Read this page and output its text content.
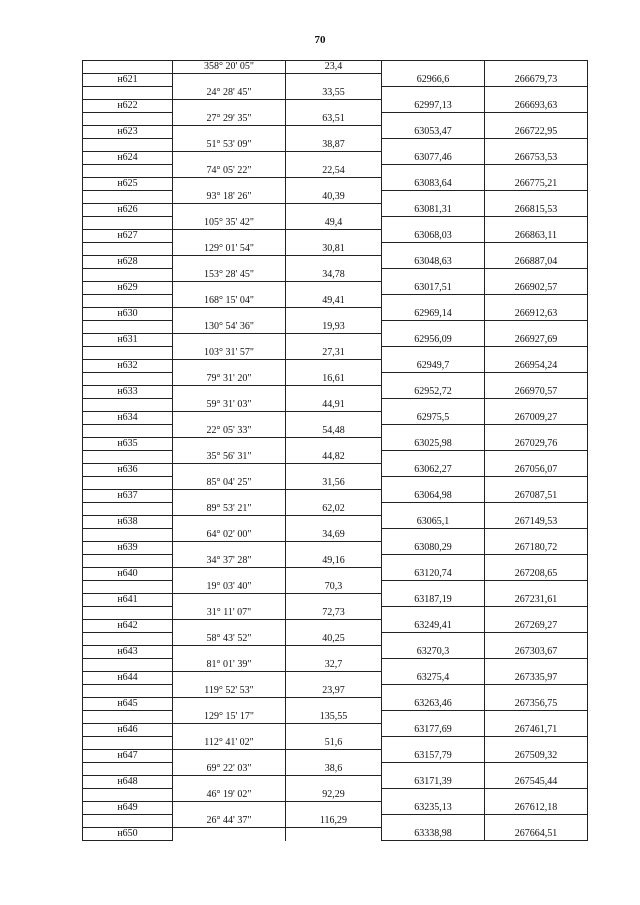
70
	358° 20' 05"	23,4		
н621			62966,6	266679,73
	24° 28' 45"	33,55		
н622			62997,13	266693,63
	27° 29' 35"	63,51		
н623			63053,47	266722,95
	51° 53' 09"	38,87		
н624			63077,46	266753,53
	74° 05' 22"	22,54		
н625			63083,64	266775,21
	93° 18' 26"	40,39		
н626			63081,31	266815,53
	105° 35' 42"	49,4		
н627			63068,03	266863,11
	129° 01' 54"	30,81		
н628			63048,63	266887,04
	153° 28' 45"	34,78		
н629			63017,51	266902,57
	168° 15' 04"	49,41		
н630			62969,14	266912,63
	130° 54' 36"	19,93		
н631			62956,09	266927,69
	103° 31' 57"	27,31		
н632			62949,7	266954,24
	79° 31' 20"	16,61		
н633			62952,72	266970,57
	59° 31' 03"	44,91		
н634			62975,5	267009,27
	22° 05' 33"	54,48		
н635			63025,98	267029,76
	35° 56' 31"	44,82		
н636			63062,27	267056,07
	85° 04' 25"	31,56		
н637			63064,98	267087,51
	89° 53' 21"	62,02		
н638			63065,1	267149,53
	64° 02' 00"	34,69		
н639			63080,29	267180,72
	34° 37' 28"	49,16		
н640			63120,74	267208,65
	19° 03' 40"	70,3		
н641			63187,19	267231,61
	31° 11' 07"	72,73		
н642			63249,41	267269,27
	58° 43' 52"	40,25		
н643			63270,3	267303,67
	81° 01' 39"	32,7		
н644			63275,4	267335,97
	119° 52' 53"	23,97		
н645			63263,46	267356,75
	129° 15' 17"	135,55		
н646			63177,69	267461,71
	112° 41' 02"	51,6		
н647			63157,79	267509,32
	69° 22' 03"	38,6		
н648			63171,39	267545,44
	46° 19' 02"	92,29		
н649			63235,13	267612,18
	26° 44' 37"	116,29		
н650			63338,98	267664,51
